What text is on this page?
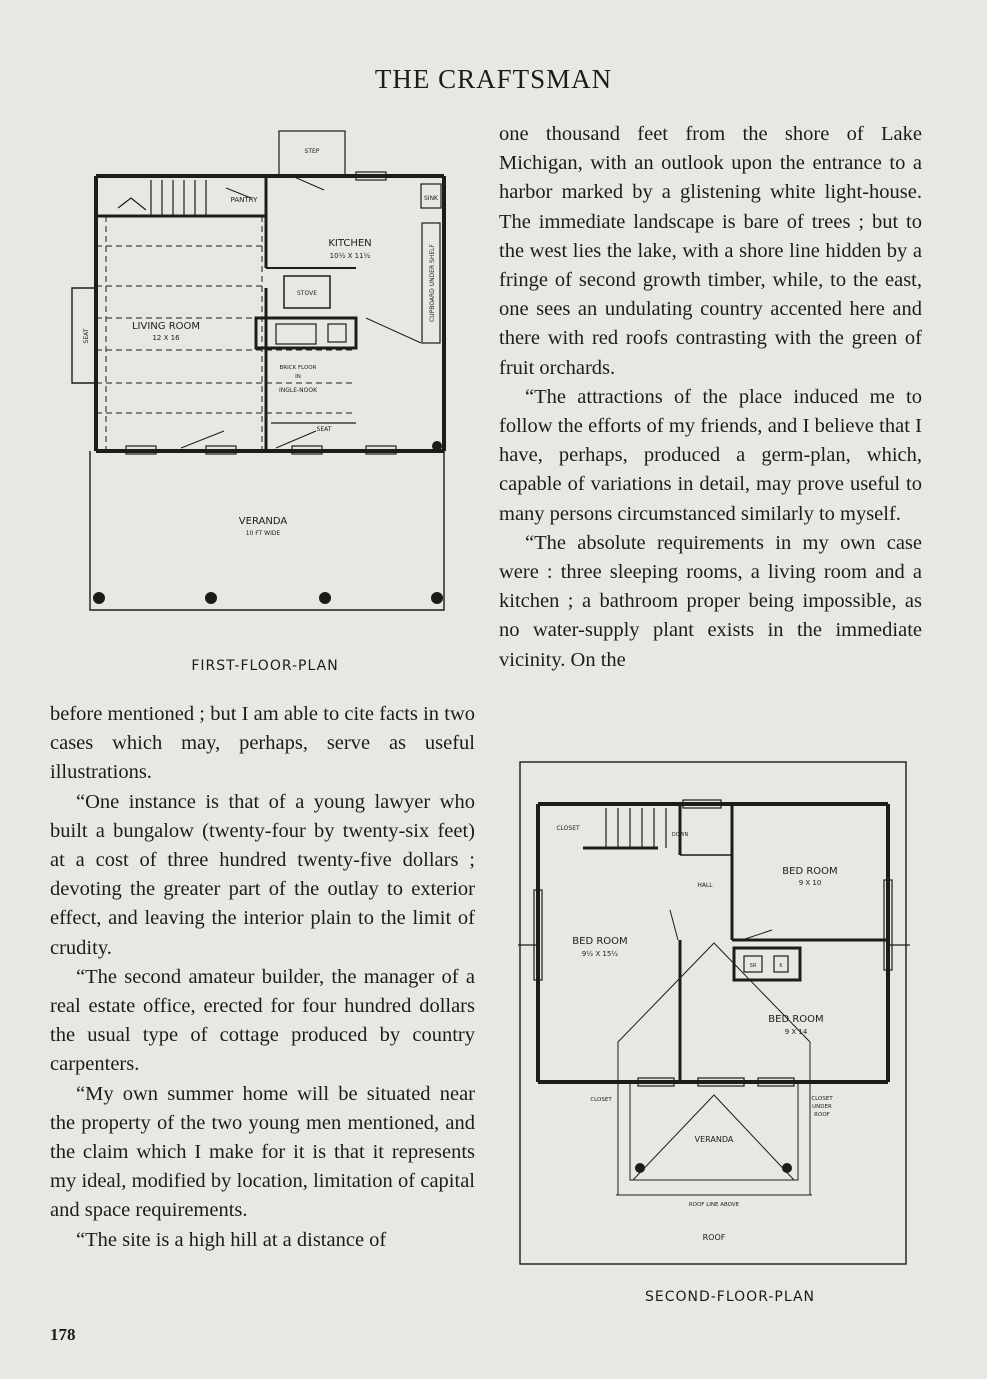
THE CRAFTSMAN
STEP
PANTRY	SINK
KITCHEN
10½ X 11½
STOVE	CUPBOARD UNDER SHELF
LIVING ROOM
12 X 16
SEAT
BRICK FLOOR
IN
INGLE-NOOK
SEAT
VERANDA
10 FT WIDE
FIRST-FLOOR-PLAN

before mentioned ; but I am able to cite facts in two cases which may, perhaps, serve as useful illustrations.

“One instance is that of a young lawyer who built a bungalow (twenty-four by twenty-six feet) at a cost of three hundred twenty-five dollars ; devoting the greater part of the outlay to exterior effect, and leaving the interior plain to the limit of crudity.

“The second amateur builder, the manager of a real estate office, erected for four hundred dollars the usual type of cottage produced by country carpenters.

“My own summer home will be situated near the property of the two young men mentioned, and the claim which I make for it is that it represents my ideal, modified by location, limitation of capital and space requirements.

“The site is a high hill at a distance of

one thousand feet from the shore of Lake Michigan, with an outlook upon the entrance to a harbor marked by a glistening white light-house. The immediate landscape is bare of trees ; but to the west lies the lake, with a shore line hidden by a fringe of second growth timber, while, to the east, one sees an undulating country accented here and there with red roofs contrasting with the green of fruit orchards.

“The attractions of the place induced me to follow the efforts of my friends, and I believe that I have, perhaps, produced a germ-plan, which, capable of variations in detail, may prove useful to many persons circumstanced similarly to myself.

“The absolute requirements in my own case were : three sleeping rooms, a living room and a kitchen ; a bathroom proper being impossible, as no water-supply plant exists in the immediate vicinity. On the

CLOSET
DOWN
HALL
BED ROOM
9 X 10
BED ROOM
9½ X 15½
BED ROOM
9 X 14
CLOSET	CLOSET
UNDER
ROOF
VERANDA
ROOF LINE ABOVE
ROOF
SR	K
SECOND-FLOOR-PLAN
178
